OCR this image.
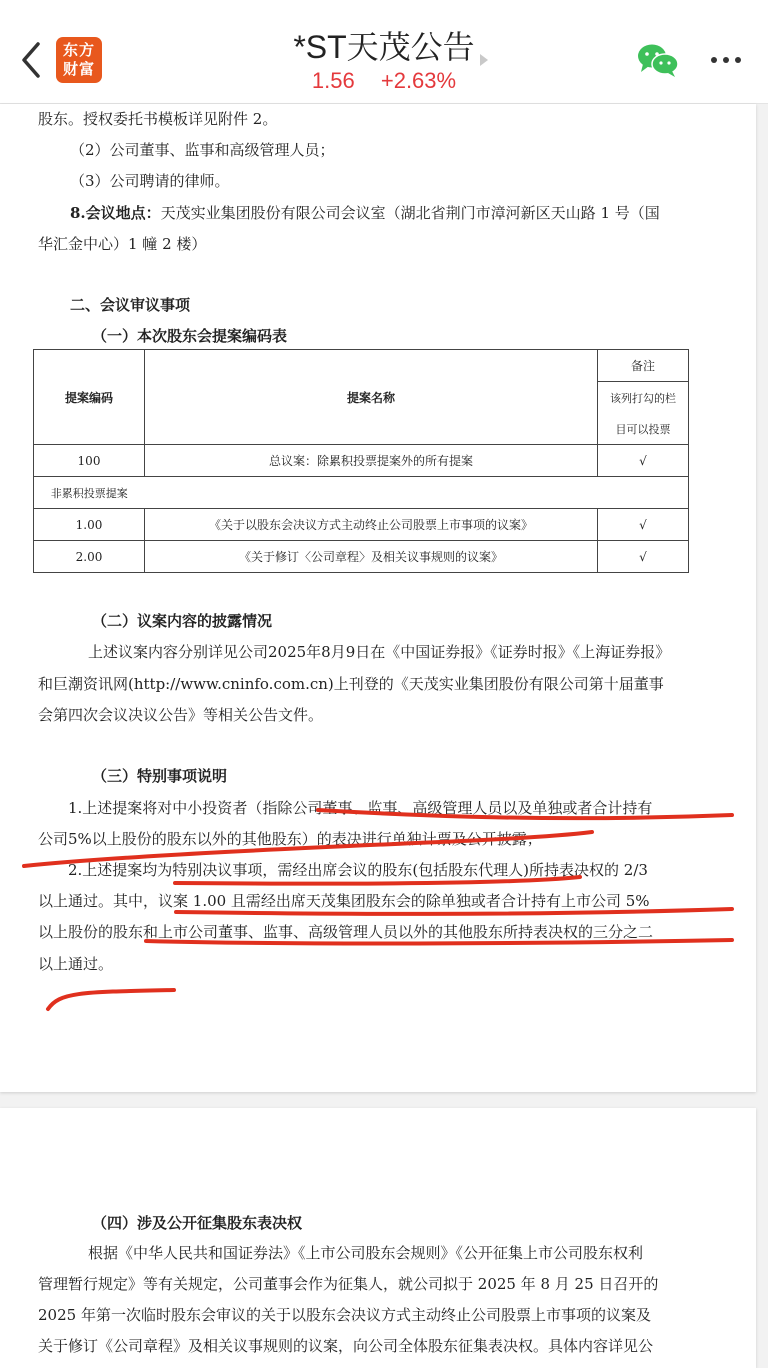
东方
财富
*ST天茂公告
1.56 +2.63%
股东。授权委托书模板详见附件 2。
（2）公司董事、监事和高级管理人员；
（3）公司聘请的律师。
8.会议地点：天茂实业集团股份有限公司会议室（湖北省荆门市漳河新区天山路 1 号（国
华汇金中心）1 幢 2 楼）
二、会议审议事项
（一）本次股东会提案编码表
提案编码	提案名称	备注
		该列打勾的栏
		目可以投票
100	总议案：除累积投票提案外的所有提案	√
非累积投票提案		
1.00	《关于以股东会决议方式主动终止公司股票上市事项的议案》	√
2.00	《关于修订〈公司章程〉及相关议事规则的议案》	√
（二）议案内容的披露情况
上述议案内容分别详见公司2025年8月9日在《中国证券报》《证券时报》《上海证券报》
和巨潮资讯网(http://www.cninfo.com.cn)上刊登的《天茂实业集团股份有限公司第十届董事
会第四次会议决议公告》等相关公告文件。
（三）特别事项说明
1.上述提案将对中小投资者（指除公司董事、监事、高级管理人员以及单独或者合计持有
公司5%以上股份的股东以外的其他股东）的表决进行单独计票及公开披露；
2.上述提案均为特别决议事项，需经出席会议的股东(包括股东代理人)所持表决权的 2/3
以上通过。其中，议案 1.00 且需经出席天茂集团股东会的除单独或者合计持有上市公司 5%
以上股份的股东和上市公司董事、监事、高级管理人员以外的其他股东所持表决权的三分之二
以上通过。
（四）涉及公开征集股东表决权
根据《中华人民共和国证券法》《上市公司股东会规则》《公开征集上市公司股东权利
管理暂行规定》等有关规定，公司董事会作为征集人，就公司拟于 2025 年 8 月 25 日召开的
2025 年第一次临时股东会审议的关于以股东会决议方式主动终止公司股票上市事项的议案及
关于修订《公司章程》及相关议事规则的议案，向公司全体股东征集表决权。具体内容详见公
